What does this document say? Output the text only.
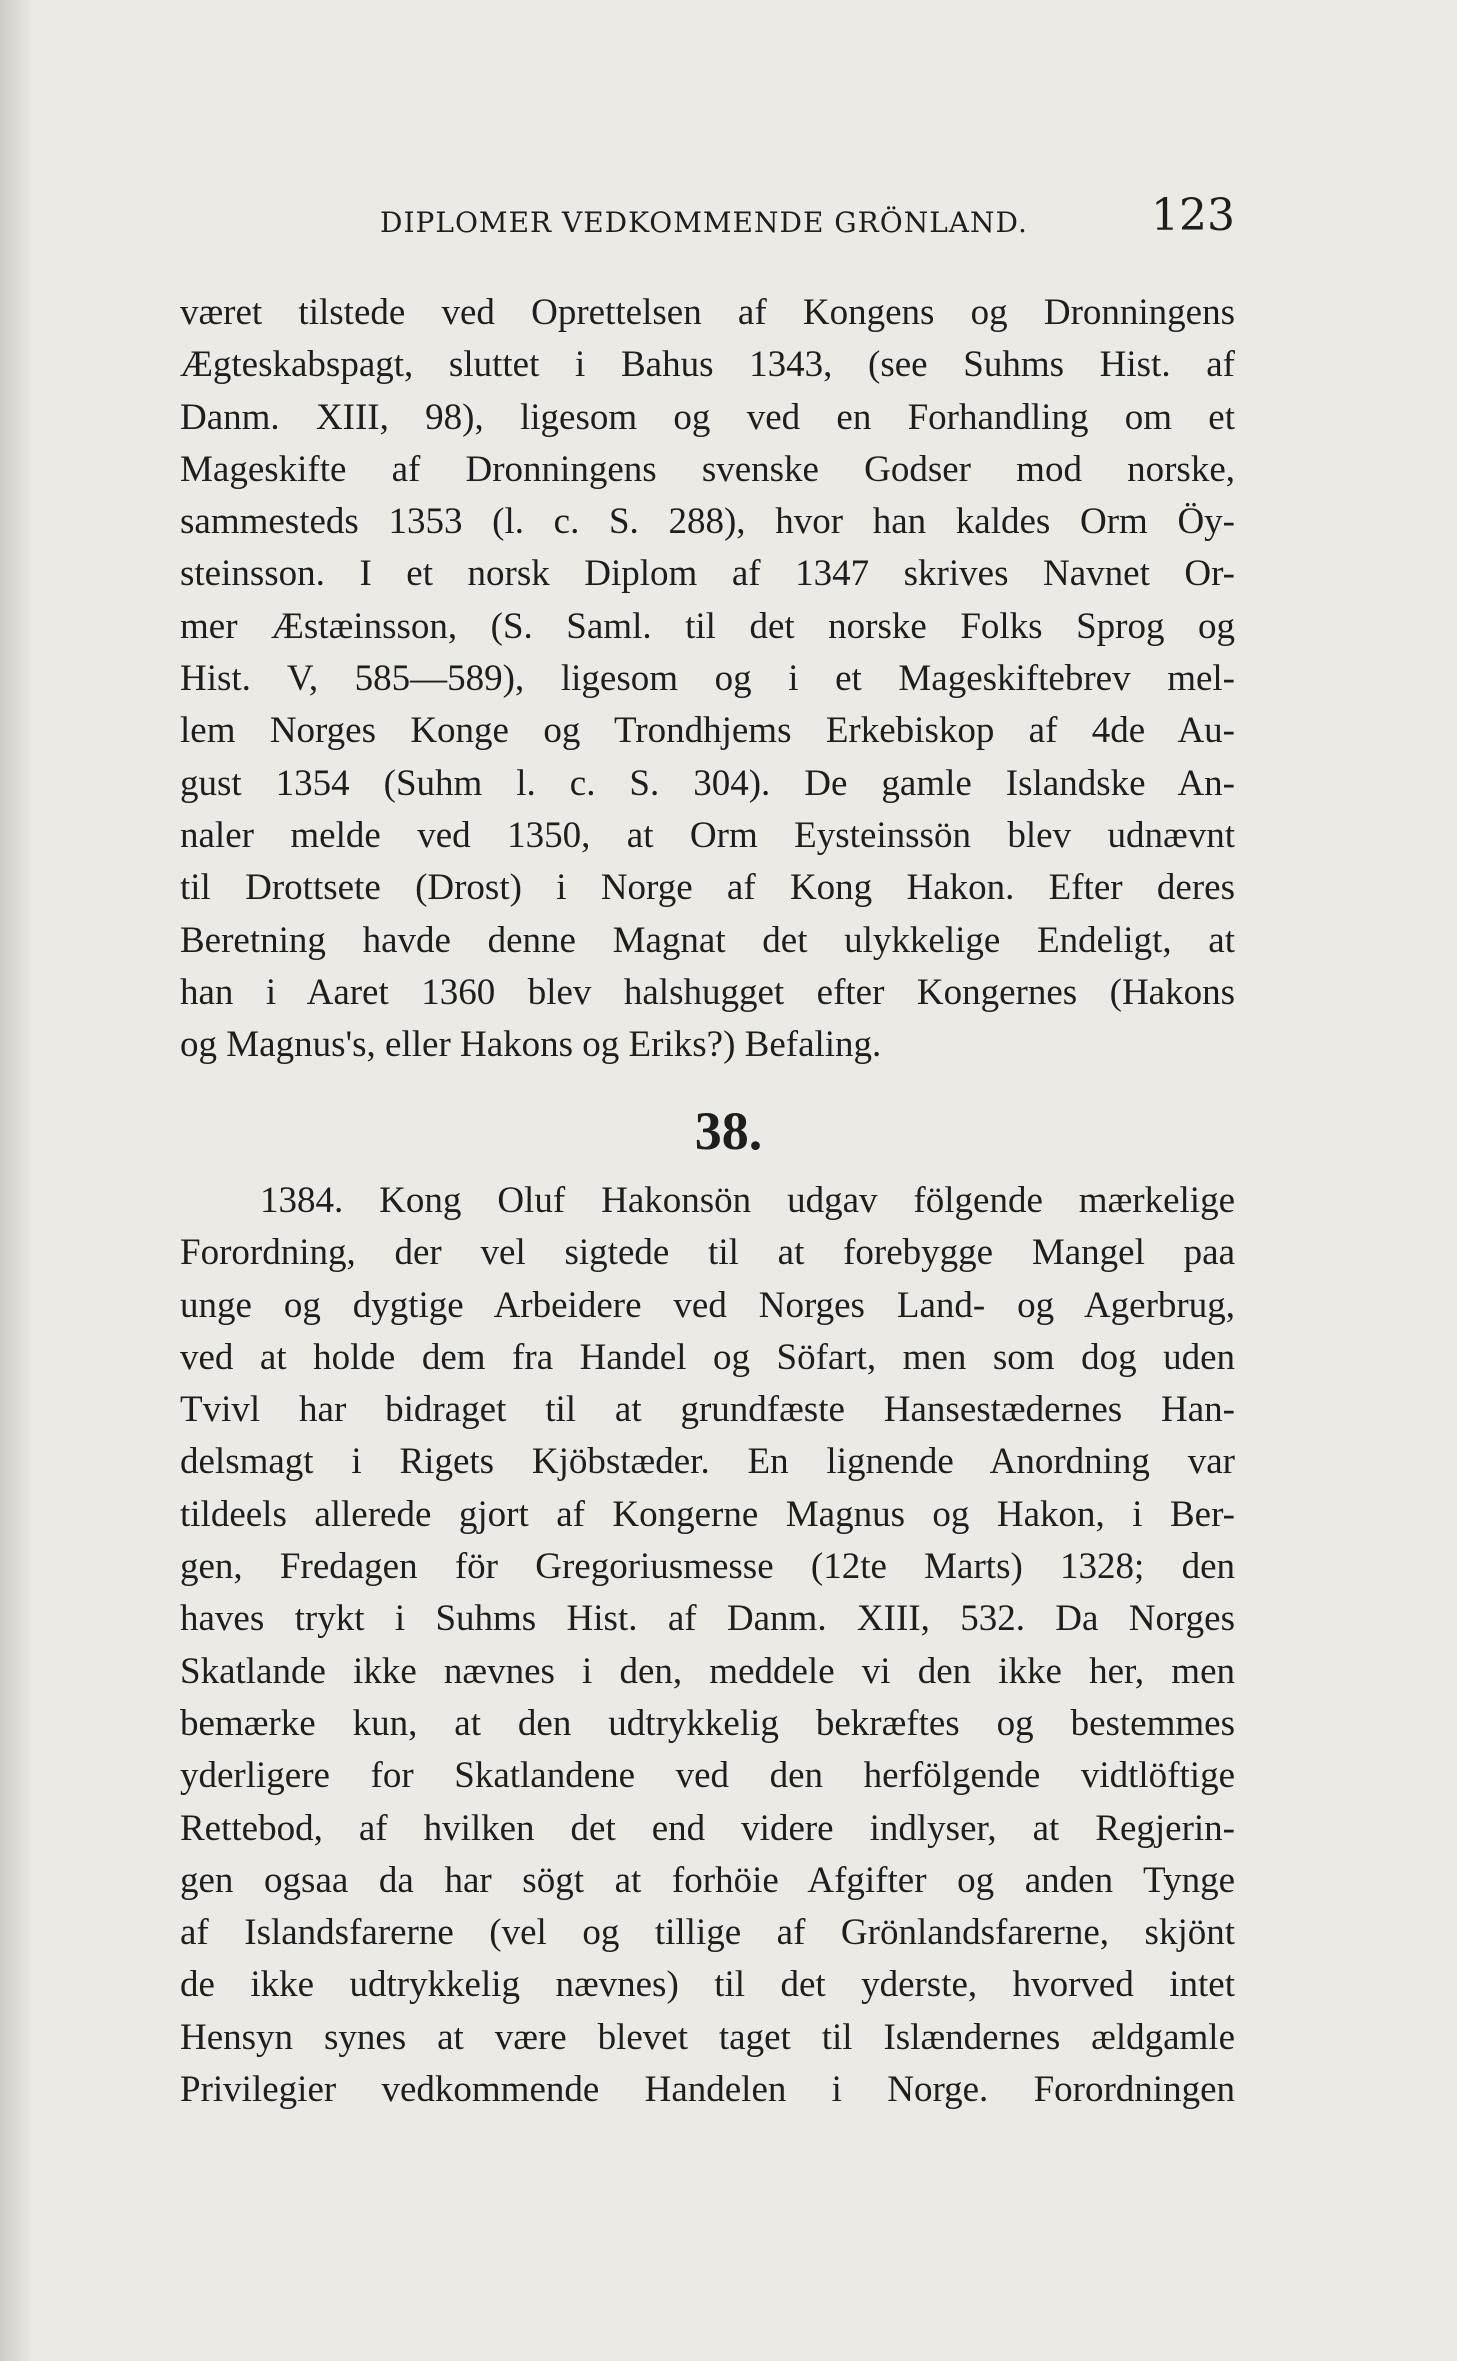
DIPLOMER VEDKOMMENDE GRÖNLAND.	123
været tilstede ved Oprettelsen af Kongens og Dronningens
Ægteskabspagt, sluttet i Bahus 1343, (see Suhms Hist. af
Danm. XIII, 98), ligesom og ved en Forhandling om et
Mageskifte af Dronningens svenske Godser mod norske,
sammesteds 1353 (l. c. S. 288), hvor han kaldes Orm Öy-
steinsson. I et norsk Diplom af 1347 skrives Navnet Or-
mer Æstæinsson, (S. Saml. til det norske Folks Sprog og
Hist. V, 585—589), ligesom og i et Mageskiftebrev mel-
lem Norges Konge og Trondhjems Erkebiskop af 4de Au-
gust 1354 (Suhm l. c. S. 304). De gamle Islandske An-
naler melde ved 1350, at Orm Eysteinssön blev udnævnt
til Drottsete (Drost) i Norge af Kong Hakon. Efter deres
Beretning havde denne Magnat det ulykkelige Endeligt, at
han i Aaret 1360 blev halshugget efter Kongernes (Hakons
og Magnus's, eller Hakons og Eriks?) Befaling.
38.
1384. Kong Oluf Hakonsön udgav fölgende mærkelige
Forordning, der vel sigtede til at forebygge Mangel paa
unge og dygtige Arbeidere ved Norges Land- og Agerbrug,
ved at holde dem fra Handel og Söfart, men som dog uden
Tvivl har bidraget til at grundfæste Hansestædernes Han-
delsmagt i Rigets Kjöbstæder. En lignende Anordning var
tildeels allerede gjort af Kongerne Magnus og Hakon, i Ber-
gen, Fredagen för Gregoriusmesse (12te Marts) 1328; den
haves trykt i Suhms Hist. af Danm. XIII, 532. Da Norges
Skatlande ikke nævnes i den, meddele vi den ikke her, men
bemærke kun, at den udtrykkelig bekræftes og bestemmes
yderligere for Skatlandene ved den herfölgende vidtlöftige
Rettebod, af hvilken det end videre indlyser, at Regjerin-
gen ogsaa da har sögt at forhöie Afgifter og anden Tynge
af Islandsfarerne (vel og tillige af Grönlandsfarerne, skjönt
de ikke udtrykkelig nævnes) til det yderste, hvorved intet
Hensyn synes at være blevet taget til Islændernes ældgamle
Privilegier vedkommende Handelen i Norge. Forordningen
